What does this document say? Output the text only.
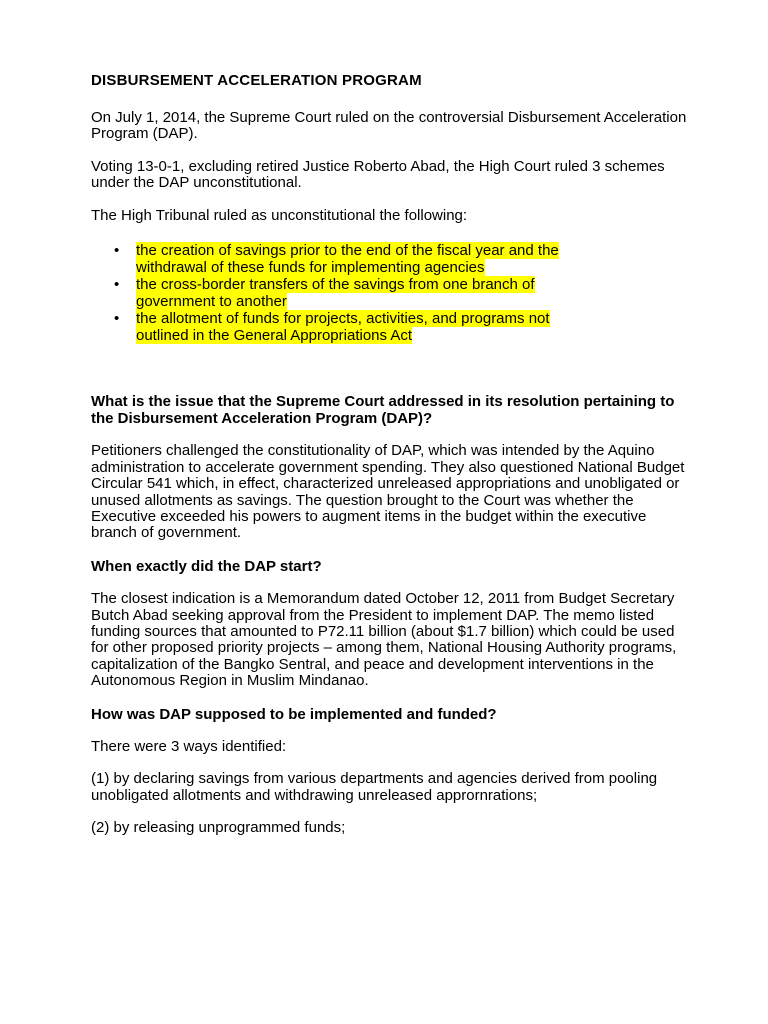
DISBURSEMENT ACCELERATION PROGRAM

On July 1, 2014, the Supreme Court ruled on the controversial Disbursement Acceleration Program (DAP).

Voting 13-0-1, excluding retired Justice Roberto Abad, the High Court ruled 3 schemes under the DAP unconstitutional.

The High Tribunal ruled as unconstitutional the following:

• the creation of savings prior to the end of the fiscal year and the
withdrawal of these funds for implementing agencies
• the cross-border transfers of the savings from one branch of
government to another
• the allotment of funds for projects, activities, and programs not
outlined in the General Appropriations Act
What is the issue that the Supreme Court addressed in its resolution pertaining to the Disbursement Acceleration Program (DAP)?

Petitioners challenged the constitutionality of DAP, which was intended by the Aquino administration to accelerate government spending. They also questioned National Budget Circular 541 which, in effect, characterized unreleased appropriations and unobligated or unused allotments as savings. The question brought to the Court was whether the Executive exceeded his powers to augment items in the budget within the executive branch of government.

When exactly did the DAP start?

The closest indication is a Memorandum dated October 12, 2011 from Budget Secretary Butch Abad seeking approval from the President to implement DAP. The memo listed funding sources that amounted to P72.11 billion (about $1.7 billion) which could be used for other proposed priority projects – among them, National Housing Authority programs, capitalization of the Bangko Sentral, and peace and development interventions in the Autonomous Region in Muslim Mindanao.

How was DAP supposed to be implemented and funded?

There were 3 ways identified:

(1) by declaring savings from various departments and agencies derived from pooling unobligated allotments and withdrawing unreleased apprornrations;

(2) by releasing unprogrammed funds;
